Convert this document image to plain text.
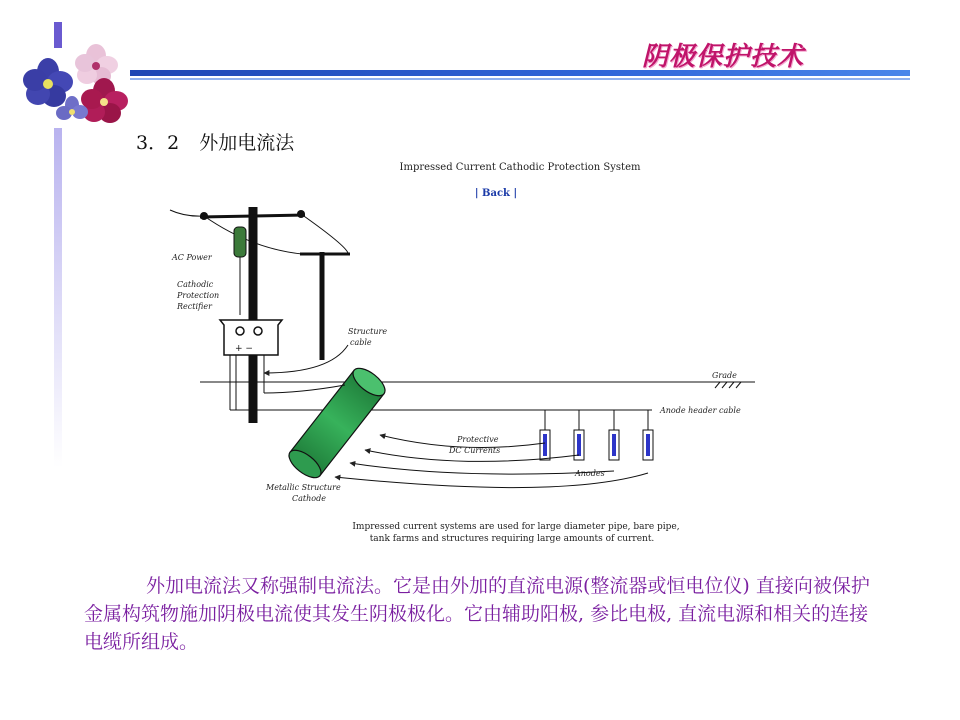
阴极保护技术
3．2 外加电流法
Impressed Current Cathodic Protection System
| Back |
AC Power
Cathodic
Protection
Rectifier
+ −
Structure
cable
Grade
Anode header cable
Anodes
Protective
DC Currents
Metallic Structure
Cathode
Impressed current systems are used for large diameter pipe, bare pipe,
tank farms and structures requiring large amounts of current.
外加电流法又称强制电流法。它是由外加的直流电源(整流器或恒电位仪) 直接向被保护金属构筑物施加阴极电流使其发生阴极极化。它由辅助阳极, 参比电极, 直流电源和相关的连接电缆所组成。
